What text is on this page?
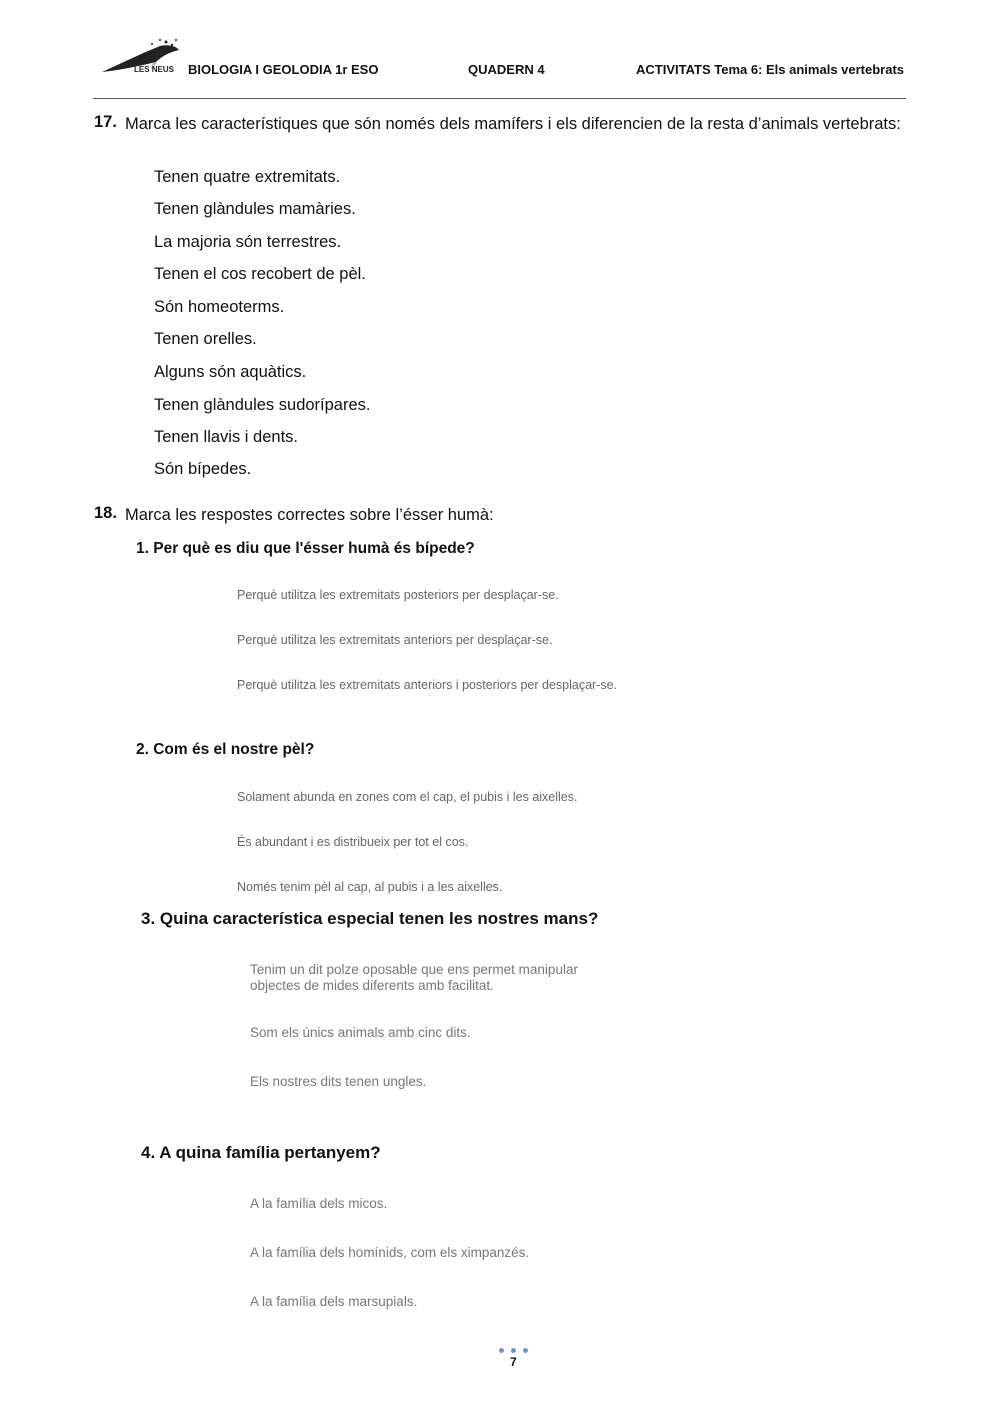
COL·LEGI
LES NEUS BIOLOGIA I GEOLODIA 1r ESO	QUADERN 4	ACTIVITATS Tema 6: Els animals vertebrats
17. Marca les característiques que són només dels mamífers i els diferencien de la resta d’animals vertebrats:
Tenen quatre extremitats.
Tenen glàndules mamàries.
La majoria són terrestres.
Tenen el cos recobert de pèl.
Són homeoterms.
Tenen orelles.
Alguns són aquàtics.
Tenen glàndules sudorípares.
Tenen llavis i dents.
Són bípedes.
18. Marca les respostes correctes sobre l’ésser humà:
1. Per què es diu que l'ésser humà és bípede?
Perquè utilitza les extremitats posteriors per desplaçar-se.
Perquè utilitza les extremitats anteriors per desplaçar-se.
Perquè utilitza les extremitats anteriors i posteriors per desplaçar-se.
2. Com és el nostre pèl?
Solament abunda en zones com el cap, el pubis i les aixelles.
És abundant i es distribueix per tot el cos.
Només tenim pèl al cap, al pubis i a les aixelles.
3. Quina característica especial tenen les nostres mans?
Tenim un dit polze oposable que ens permet manipular objectes de mides diferents amb facilitat.
Som els únics animals amb cinc dits.
Els nostres dits tenen ungles.
4. A quina família pertanyem?
A la família dels micos.
A la família dels homínids, com els ximpanzés.
A la família dels marsupials.
7
